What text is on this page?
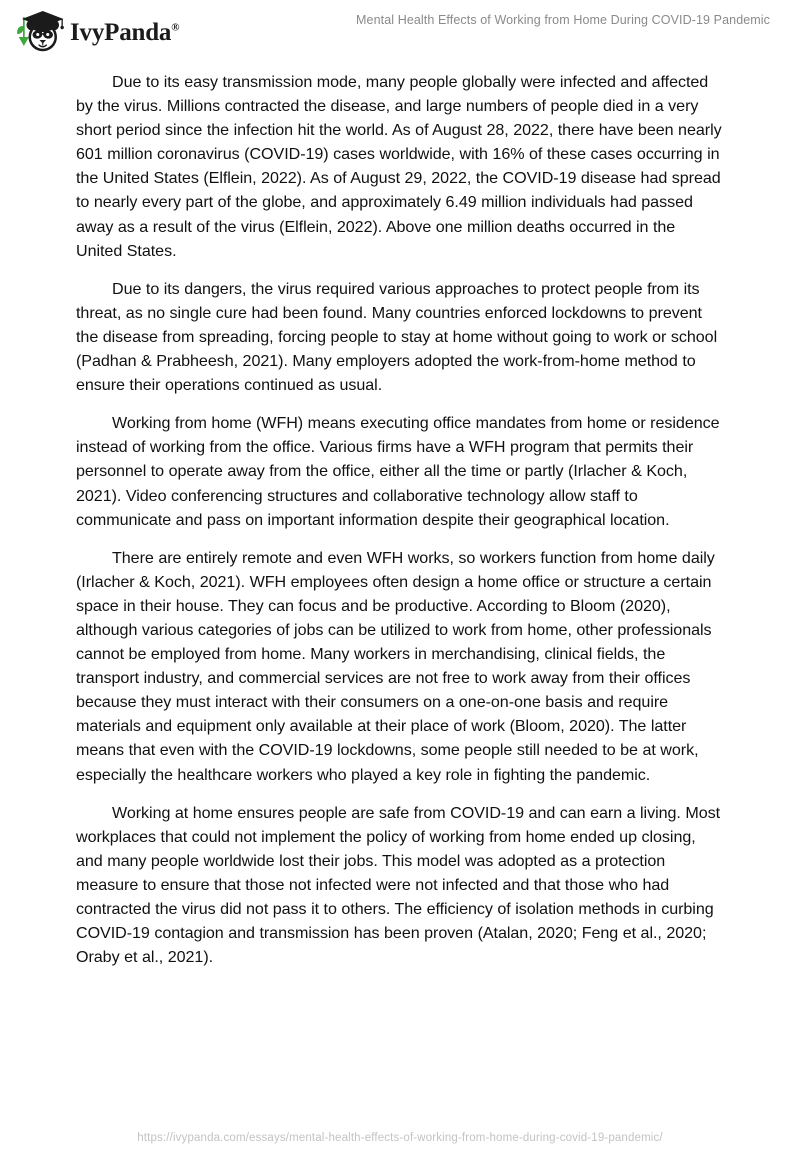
IvyPanda®
Mental Health Effects of Working from Home During COVID-19 Pandemic

Due to its easy transmission mode, many people globally were infected and affected by the virus. Millions contracted the disease, and large numbers of people died in a very short period since the infection hit the world. As of August 28, 2022, there have been nearly 601 million coronavirus (COVID-19) cases worldwide, with 16% of these cases occurring in the United States (Elflein, 2022). As of August 29, 2022, the COVID-19 disease had spread to nearly every part of the globe, and approximately 6.49 million individuals had passed away as a result of the virus (Elflein, 2022). Above one million deaths occurred in the United States.

Due to its dangers, the virus required various approaches to protect people from its threat, as no single cure had been found. Many countries enforced lockdowns to prevent the disease from spreading, forcing people to stay at home without going to work or school (Padhan & Prabheesh, 2021). Many employers adopted the work-from-home method to ensure their operations continued as usual.

Working from home (WFH) means executing office mandates from home or residence instead of working from the office. Various firms have a WFH program that permits their personnel to operate away from the office, either all the time or partly (Irlacher & Koch, 2021). Video conferencing structures and collaborative technology allow staff to communicate and pass on important information despite their geographical location.

There are entirely remote and even WFH works, so workers function from home daily (Irlacher & Koch, 2021). WFH employees often design a home office or structure a certain space in their house. They can focus and be productive. According to Bloom (2020), although various categories of jobs can be utilized to work from home, other professionals cannot be employed from home. Many workers in merchandising, clinical fields, the transport industry, and commercial services are not free to work away from their offices because they must interact with their consumers on a one-on-one basis and require materials and equipment only available at their place of work (Bloom, 2020). The latter means that even with the COVID-19 lockdowns, some people still needed to be at work, especially the healthcare workers who played a key role in fighting the pandemic.

Working at home ensures people are safe from COVID-19 and can earn a living. Most workplaces that could not implement the policy of working from home ended up closing, and many people worldwide lost their jobs. This model was adopted as a protection measure to ensure that those not infected were not infected and that those who had contracted the virus did not pass it to others. The efficiency of isolation methods in curbing COVID-19 contagion and transmission has been proven (Atalan, 2020; Feng et al., 2020; Oraby et al., 2021).

https://ivypanda.com/essays/mental-health-effects-of-working-from-home-during-covid-19-pandemic/
